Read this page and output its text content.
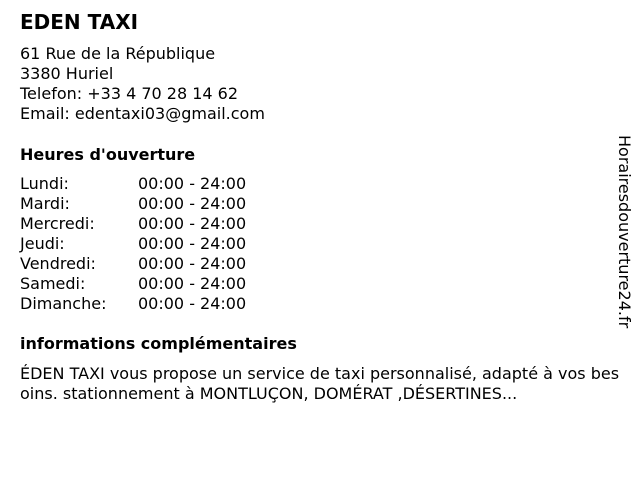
EDEN TAXI
61 Rue de la République
3380 Huriel
Telefon: +33 4 70 28 14 62
Email: edentaxi03@gmail.com
Heures d'ouverture
Lundi:	00:00 - 24:00
Mardi:	00:00 - 24:00
Mercredi:	00:00 - 24:00
Jeudi:	00:00 - 24:00
Vendredi:	00:00 - 24:00
Samedi:	00:00 - 24:00
Dimanche:	00:00 - 24:00
informations complémentaires
ÉDEN TAXI vous propose un service de taxi personnalisé, adapté à vos besoins. stationnement à MONTLUÇON, DOMÉRAT ,DÉSERTINES...
Horairesdouverture24.fr
